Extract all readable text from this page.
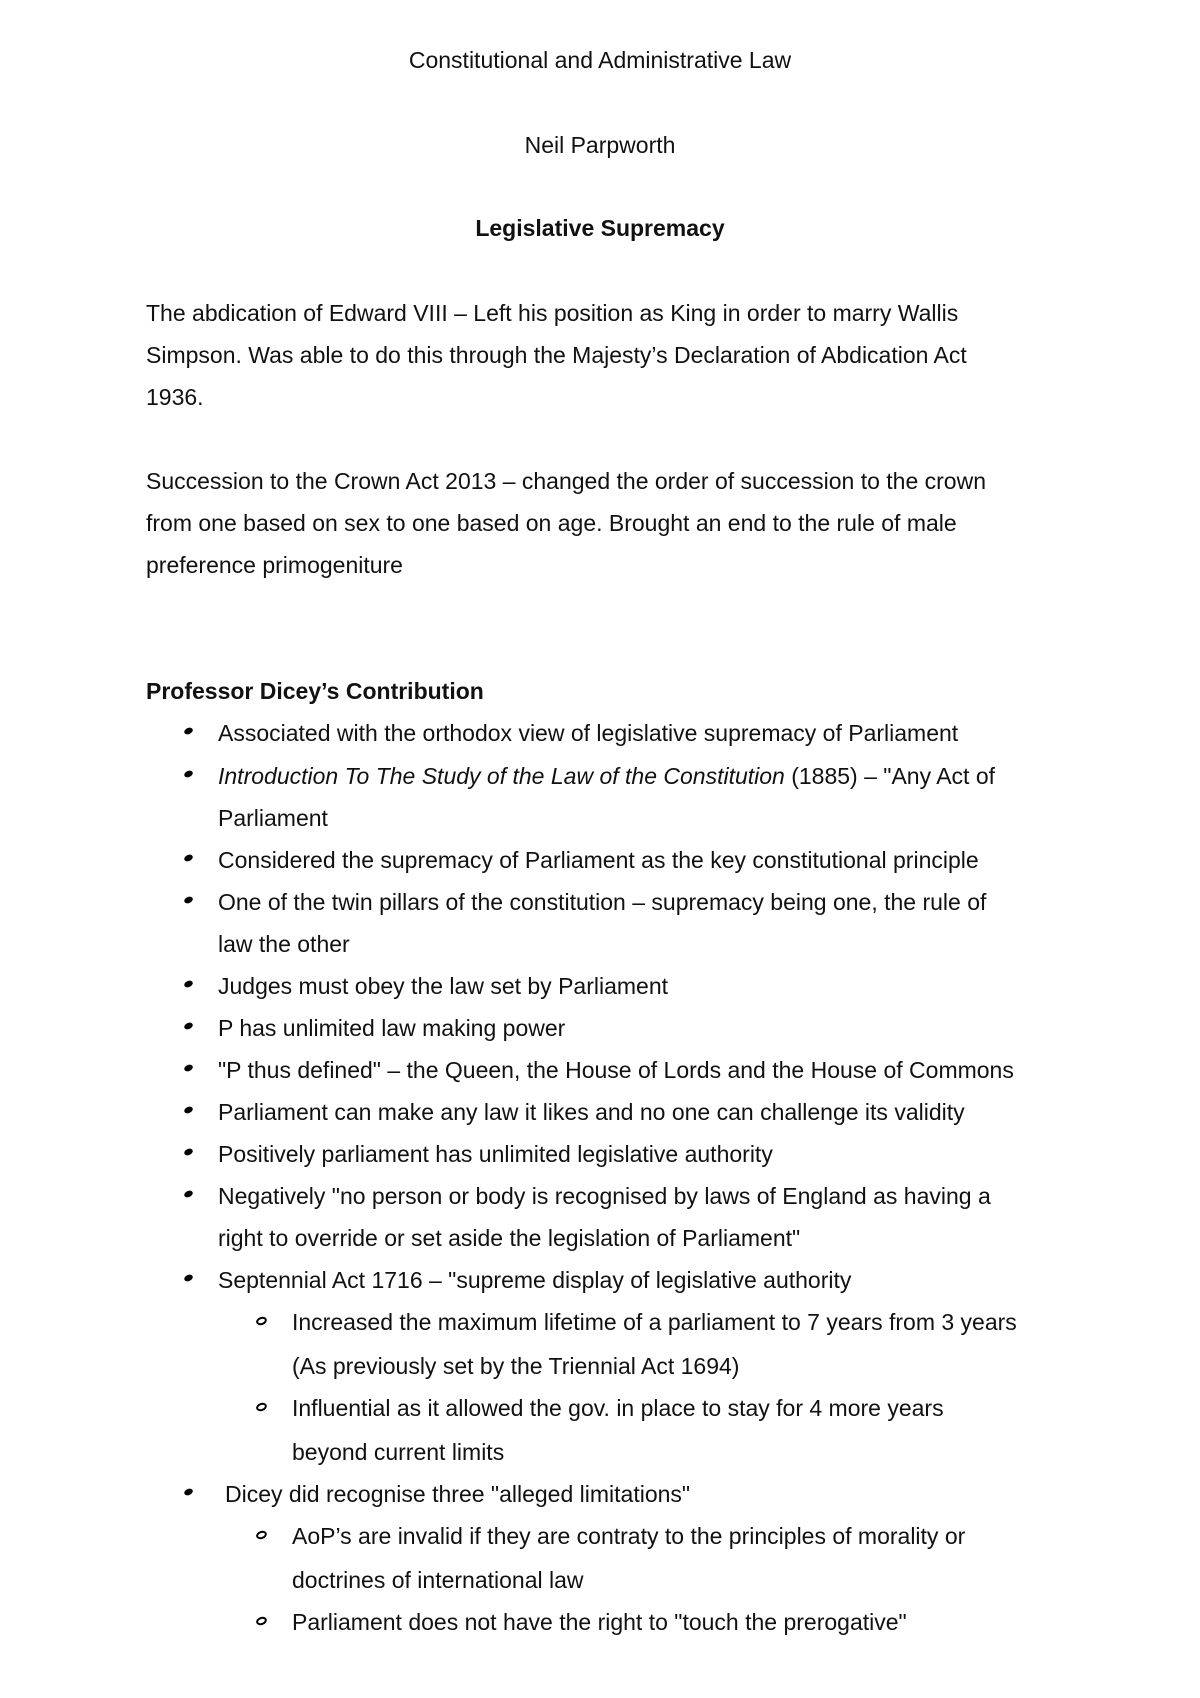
Constitutional and Administrative Law
Neil Parpworth
Legislative Supremacy
The abdication of Edward VIII – Left his position as King in order to marry Wallis
Simpson. Was able to do this through the Majesty’s Declaration of Abdication Act
1936.
Succession to the Crown Act 2013 – changed the order of succession to the crown
from one based on sex to one based on age. Brought an end to the rule of male
preference primogeniture
Professor Dicey’s Contribution
Associated with the orthodox view of legislative supremacy of Parliament
Introduction To The Study of the Law of the Constitution (1885) – "Any Act of
Parliament
Considered the supremacy of Parliament as the key constitutional principle
One of the twin pillars of the constitution – supremacy being one, the rule of
law the other
Judges must obey the law set by Parliament
P has unlimited law making power
"P thus defined" – the Queen, the House of Lords and the House of Commons
Parliament can make any law it likes and no one can challenge its validity
Positively parliament has unlimited legislative authority
Negatively "no person or body is recognised by laws of England as having a
right to override or set aside the legislation of Parliament"
Septennial Act 1716 – "supreme display of legislative authority
Increased the maximum lifetime of a parliament to 7 years from 3 years
(As previously set by the Triennial Act 1694)
Influential as it allowed the gov. in place to stay for 4 more years
beyond current limits
Dicey did recognise three "alleged limitations"
AoP’s are invalid if they are contraty to the principles of morality or
doctrines of international law
Parliament does not have the right to "touch the prerogative"
